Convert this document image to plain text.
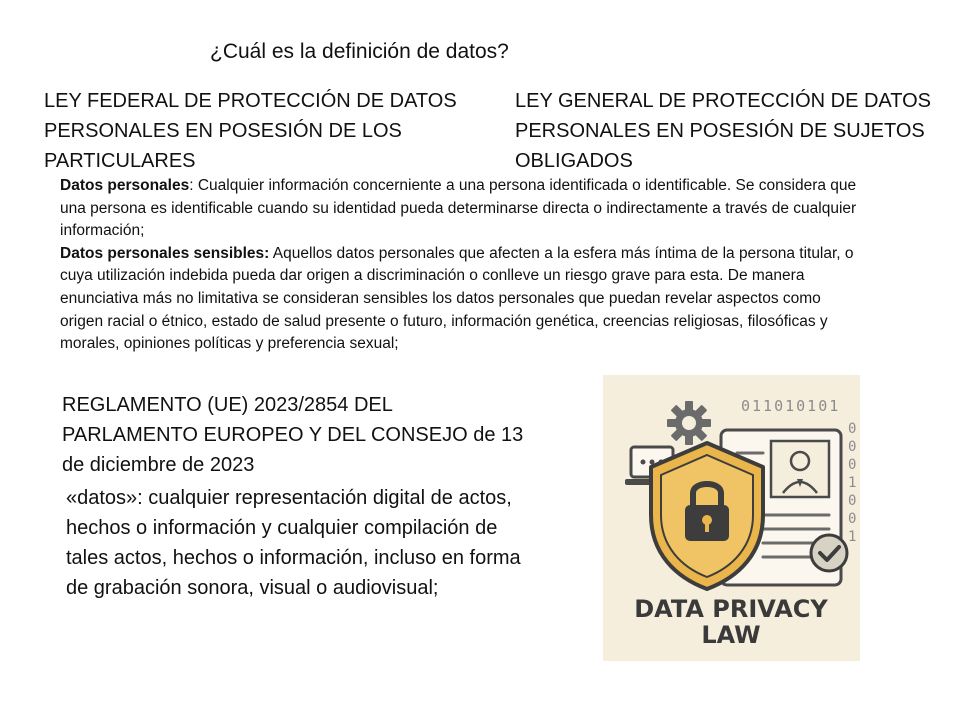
¿Cuál es la definición de datos?
LEY FEDERAL DE PROTECCIÓN DE DATOS PERSONALES EN POSESIÓN DE LOS PARTICULARES
LEY GENERAL DE PROTECCIÓN DE DATOS PERSONALES EN POSESIÓN DE SUJETOS OBLIGADOS

Datos personales: Cualquier información concerniente a una persona identificada o identificable. Se considera que una persona es identificable cuando su identidad pueda determinarse directa o indirectamente a través de cualquier información;

Datos personales sensibles: Aquellos datos personales que afecten a la esfera más íntima de la persona titular, o cuya utilización indebida pueda dar origen a discriminación o conlleve un riesgo grave para esta. De manera enunciativa más no limitativa se consideran sensibles los datos personales que puedan revelar aspectos como origen racial o étnico, estado de salud presente o futuro, información genética, creencias religiosas, filosóficas y morales, opiniones políticas y preferencia sexual;

REGLAMENTO (UE) 2023/2854 DEL PARLAMENTO EUROPEO Y DEL CONSEJO de 13 de diciembre de 2023
«datos»: cualquier representación digital de actos, hechos o información y cualquier compilación de tales actos, hechos o información, incluso en forma de grabación sonora, visual o audiovisual;
011010101
0
0
0
1
0
0
1
DATA PRIVACY
LAW
